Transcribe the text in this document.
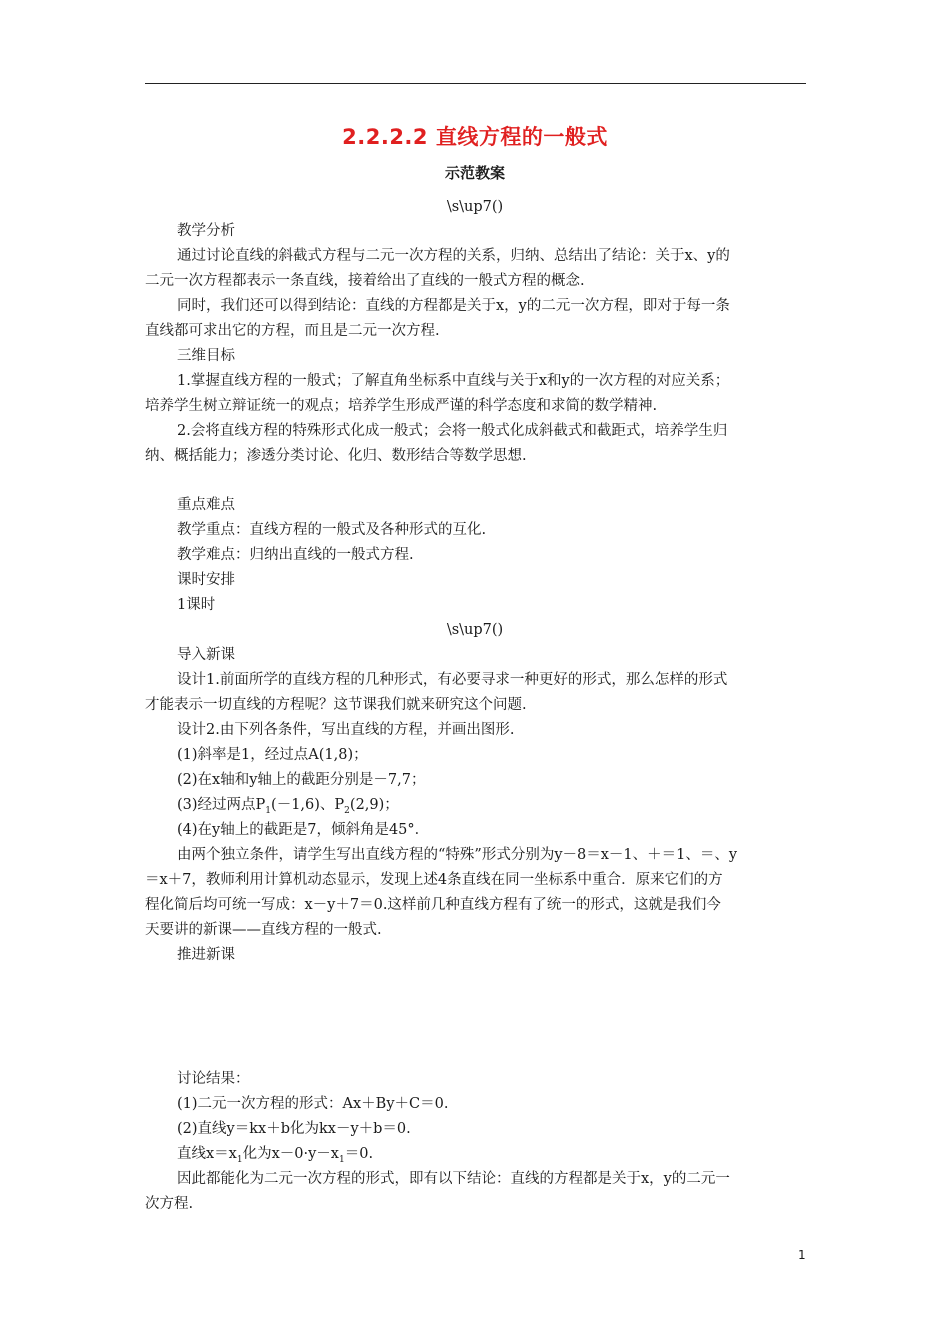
2.2.2.2 直线方程的一般式
示范教案
\s\up7()
教学分析
通过讨论直线的斜截式方程与二元一次方程的关系，归纳、总结出了结论：关于x、y的
二元一次方程都表示一条直线，接着给出了直线的一般式方程的概念.
同时，我们还可以得到结论：直线的方程都是关于x，y的二元一次方程，即对于每一条
直线都可求出它的方程，而且是二元一次方程.
三维目标
1.掌握直线方程的一般式；了解直角坐标系中直线与关于x和y的一次方程的对应关系；
培养学生树立辩证统一的观点；培养学生形成严谨的科学态度和求简的数学精神.
2.会将直线方程的特殊形式化成一般式；会将一般式化成斜截式和截距式，培养学生归
纳、概括能力；渗透分类讨论、化归、数形结合等数学思想.
重点难点
教学重点：直线方程的一般式及各种形式的互化.
教学难点：归纳出直线的一般式方程.
课时安排
1课时
\s\up7()
导入新课
设计1.前面所学的直线方程的几种形式，有必要寻求一种更好的形式，那么怎样的形式
才能表示一切直线的方程呢？这节课我们就来研究这个问题.
设计2.由下列各条件，写出直线的方程，并画出图形.
(1)斜率是1，经过点A(1,8)；
(2)在x轴和y轴上的截距分别是－7,7；
(3)经过两点$P_1(-1,6)$、$P_2(2,9)$；
(4)在y轴上的截距是7，倾斜角是45°．
由两个独立条件，请学生写出直线方程的“特殊”形式分别为y－8＝x－1、＋＝1、＝、y
＝x＋7，教师利用计算机动态显示，发现上述4条直线在同一坐标系中重合．原来它们的方
程化简后均可统一写成：x－y＋7＝0.这样前几种直线方程有了统一的形式，这就是我们今
天要讲的新课——直线方程的一般式.
推进新课
讨论结果：
(1)二元一次方程的形式：Ax＋By＋C＝0.
(2)直线y＝kx＋b化为kx－y＋b＝0.
直线$x=x_1$化为$x-0\cdot y-x_1=0$.
因此都能化为二元一次方程的形式，即有以下结论：直线的方程都是关于x，y的二元一
次方程.
1
